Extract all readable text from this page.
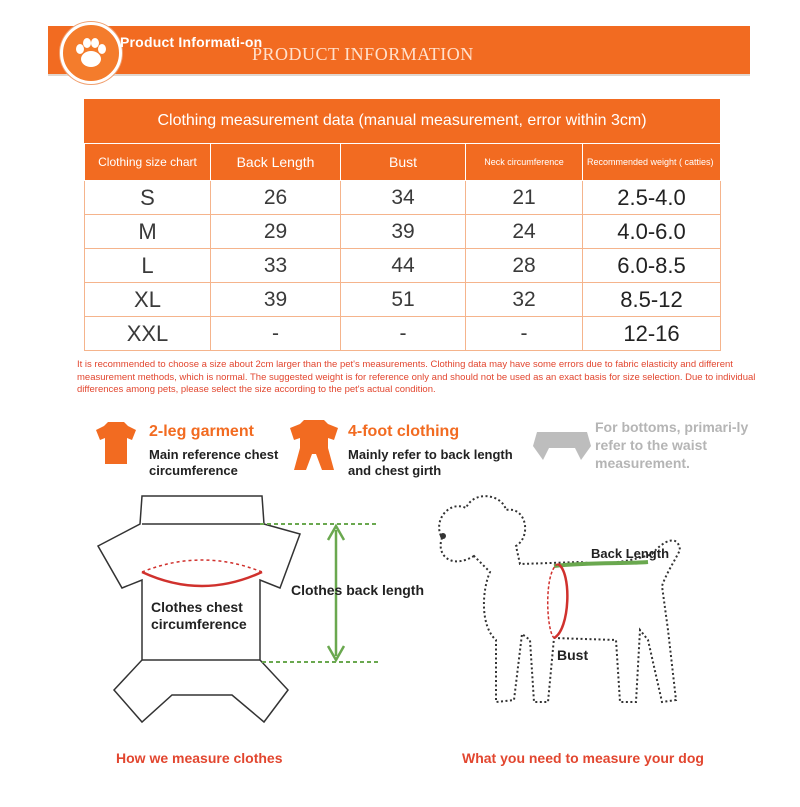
Product Informati-on
PRODUCT INFORMATION
Clothing measurement data (manual measurement, error within 3cm)
Clothing size chart	Back Length	Bust	Neck circumference	Recommended weight ( catties)
S	26	34	21	2.5-4.0
M	29	39	24	4.0-6.0
L	33	44	28	6.0-8.5
XL	39	51	32	8.5-12
XXL	-	-	-	12-16
It is recommended to choose a size about 2cm larger than the pet's measurements. Clothing data may have some errors due to fabric elasticity and different measurement methods, which is normal. The suggested weight is for reference only and should not be used as an exact basis for size selection. Due to individual differences among pets, please select the size according to the pet's actual condition.
2-leg garment
Main reference chest circumference
4-foot clothing
Mainly refer to back length and chest girth
For bottoms, primari-ly refer to the waist measurement.
Clothes chest circumference
Clothes back length
How we measure clothes
Back Length
Bust
What you need to measure your dog
